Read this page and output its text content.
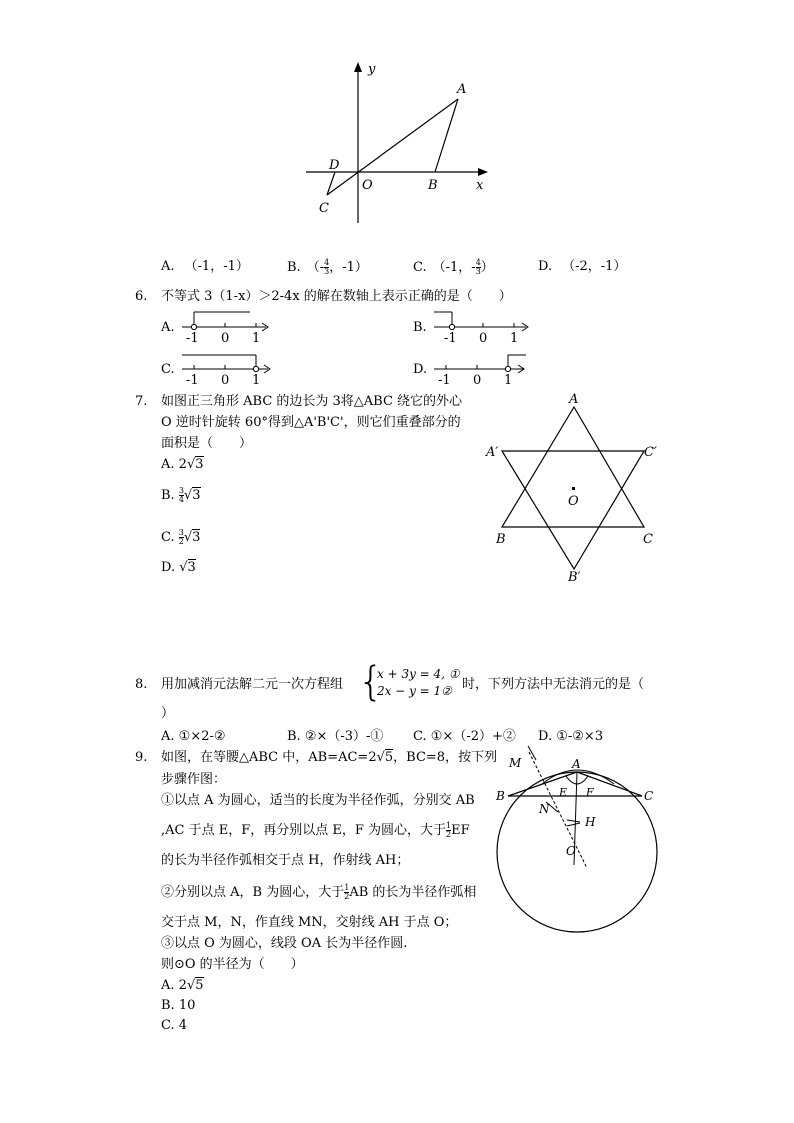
y
x
A
B
C
D
O
A. （-1，-1）	B. （- $\frac{4}{3}$ ，-1）	C. （-1，- $\frac{4}{3}$ ）	D. （-2，-1）
6. 不等式 3（1-x）＞2-4x 的解在数轴上表示正确的是（　　）
A.
-1 0 1
B.
-1 0 1
C.
-1 0 1
D.
-1 0 1
7. 如图正三角形 ABC 的边长为 3将△ABC 绕它的外心
O 逆时针旋转 60°得到△A'B'C'，则它们重叠部分的
面积是（　　）
A. 2√3
B. $\frac{3}{4} √3$
C. $\frac{3}{2} √3$
D. √3
A
A′	C′
O
B	C
B′
8. 用加减消元法解二元一次方程组 {
x + 3y = 4, ①
2x − y = 1② 时，下列方法中无法消元的是（
）
A. ①×2-②	B. ②×（-3）-① C. ①×（-2）+② D. ①-②×3
9. 如图，在等腰△ABC 中，AB=AC=2√5，BC=8，按下列
步骤作图：
①以点 A 为圆心，适当的长度为半径作弧，分别交 AB
,AC 于点 E，F，再分别以点 E，F 为圆心，大于 $\frac{1}{2}$ EF
的长为半径作弧相交于点 H，作射线 AH；
②分别以点 A，B 为圆心，大于 $\frac{1}{2}$ AB 的长为半径作弧相
交于点 M，N，作直线 MN，交射线 AH 于点 O；
③以点 O 为圆心，线段 OA 长为半径作圆.
则⊙O 的半径为（　　）
A. 2√5
B. 10
C. 4
M	A
B	C
E F
N
H
O
